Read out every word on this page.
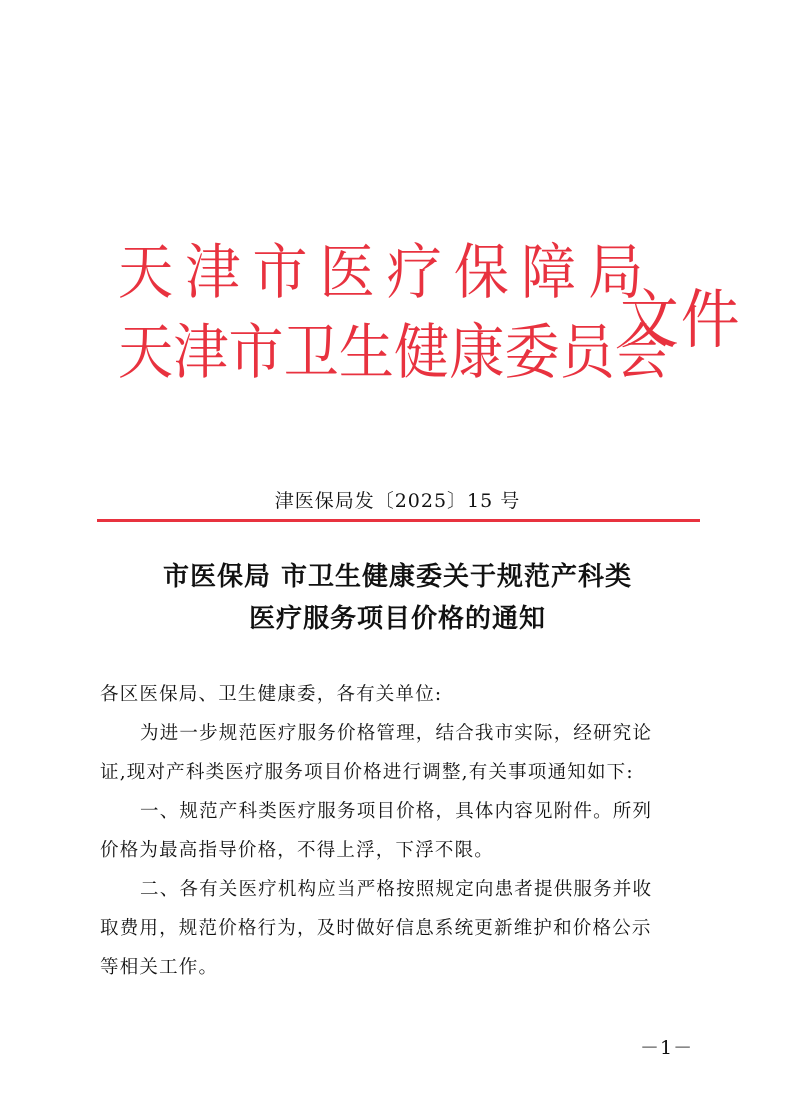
天津市医疗保障局
天津市卫生健康委员会
文件
津医保局发〔2025〕15 号
市医保局 市卫生健康委关于规范产科类
医疗服务项目价格的通知

各区医保局、卫生健康委，各有关单位:

为进一步规范医疗服务价格管理，结合我市实际，经研究论

证,现对产科类医疗服务项目价格进行调整,有关事项通知如下:

一、规范产科类医疗服务项目价格，具体内容见附件。所列

价格为最高指导价格，不得上浮，下浮不限。

二、各有关医疗机构应当严格按照规定向患者提供服务并收

取费用，规范价格行为，及时做好信息系统更新维护和价格公示

等相关工作。

－1－
